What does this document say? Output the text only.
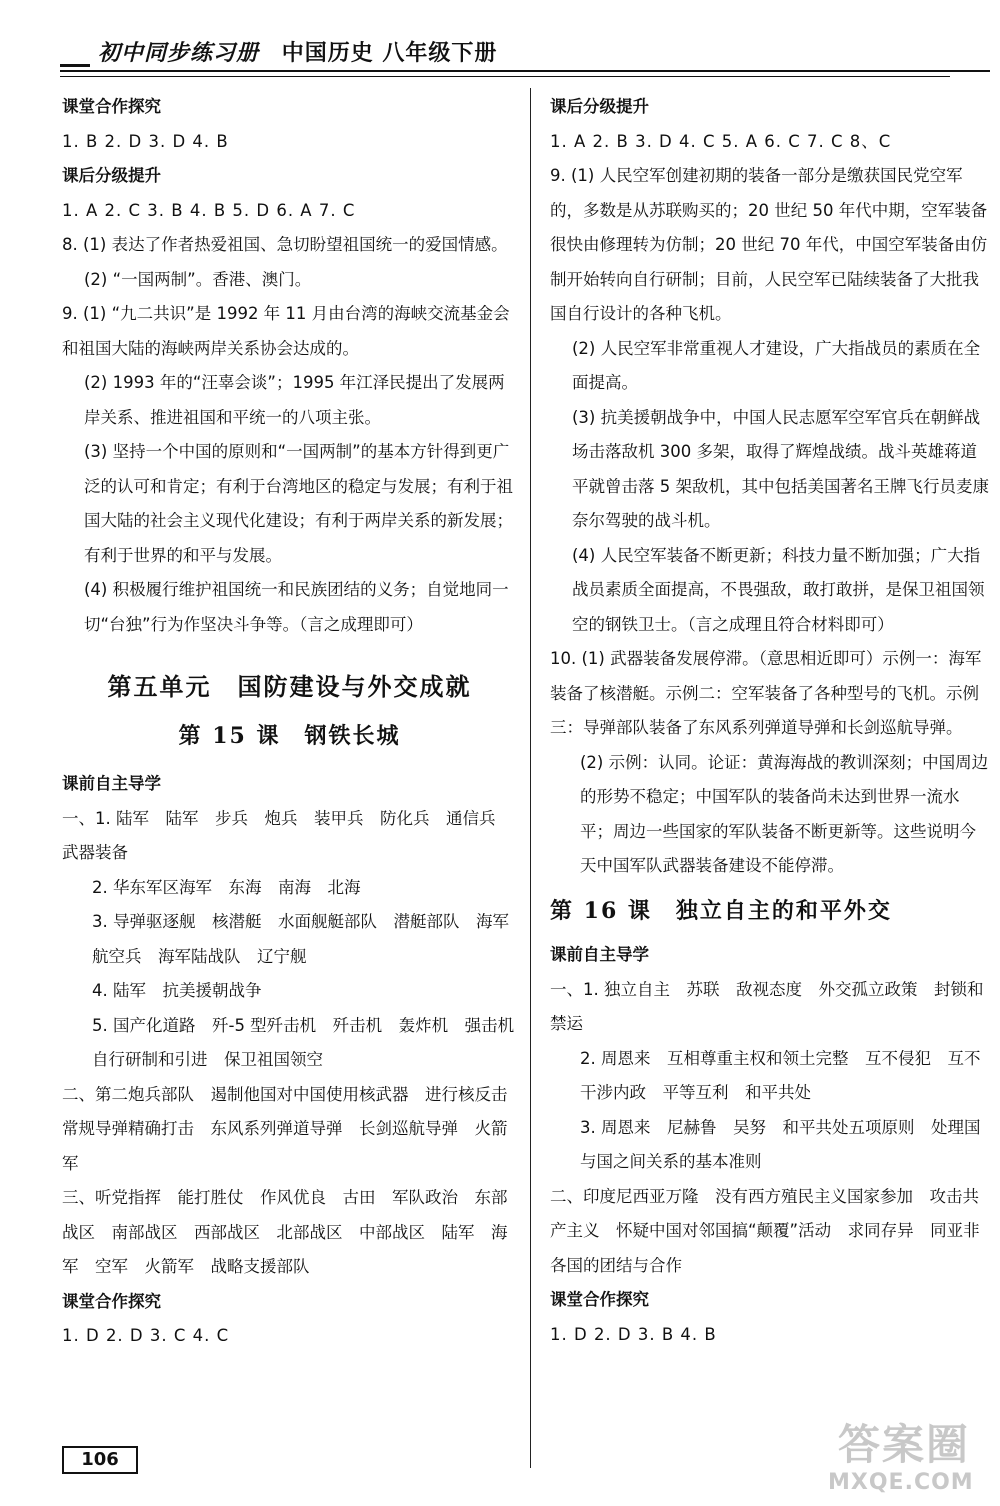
初中同步练习册 中国历史 八年级下册

课堂合作探究

1. B 2. D 3. D 4. B

课后分级提升

1. A 2. C 3. B 4. B 5. D 6. A 7. C

8. (1) 表达了作者热爱祖国、急切盼望祖国统一的爱国情感。

(2) “一国两制”。香港、澳门。

9. (1) “九二共识”是 1992 年 11 月由台湾的海峡交流基金会和祖国大陆的海峡两岸关系协会达成的。

(2) 1993 年的“汪辜会谈”；1995 年江泽民提出了发展两岸关系、推进祖国和平统一的八项主张。

(3) 坚持一个中国的原则和“一国两制”的基本方针得到更广泛的认可和肯定；有利于台湾地区的稳定与发展；有利于祖国大陆的社会主义现代化建设；有利于两岸关系的新发展；有利于世界的和平与发展。

(4) 积极履行维护祖国统一和民族团结的义务；自觉地同一切“台独”行为作坚决斗争等。（言之成理即可）

第五单元　国防建设与外交成就
第 15 课　钢铁长城

课前自主导学

一、1. 陆军　陆军　步兵　炮兵　装甲兵　防化兵　通信兵　武器装备

2. 华东军区海军　东海　南海　北海

3. 导弹驱逐舰　核潜艇　水面舰艇部队　潜艇部队　海军航空兵　海军陆战队　辽宁舰

4. 陆军　抗美援朝战争

5. 国产化道路　歼-5 型歼击机　歼击机　轰炸机　强击机　自行研制和引进　保卫祖国领空

二、第二炮兵部队　遏制他国对中国使用核武器　进行核反击　常规导弹精确打击　东风系列弹道导弹　长剑巡航导弹　火箭军

三、听党指挥　能打胜仗　作风优良　古田　军队政治　东部战区　南部战区　西部战区　北部战区　中部战区　陆军　海军　空军　火箭军　战略支援部队

课堂合作探究

1. D 2. D 3. C 4. C

课后分级提升

1. A 2. B 3. D 4. C 5. A 6. C 7. C 8、C

9. (1) 人民空军创建初期的装备一部分是缴获国民党空军的，多数是从苏联购买的；20 世纪 50 年代中期，空军装备很快由修理转为仿制；20 世纪 70 年代，中国空军装备由仿制开始转向自行研制；目前，人民空军已陆续装备了大批我国自行设计的各种飞机。

(2) 人民空军非常重视人才建设，广大指战员的素质在全面提高。

(3) 抗美援朝战争中，中国人民志愿军空军官兵在朝鲜战场击落敌机 300 多架，取得了辉煌战绩。战斗英雄蒋道平就曾击落 5 架敌机，其中包括美国著名王牌飞行员麦康奈尔驾驶的战斗机。

(4) 人民空军装备不断更新；科技力量不断加强；广大指战员素质全面提高，不畏强敌，敢打敢拼，是保卫祖国领空的钢铁卫士。（言之成理且符合材料即可）

10. (1) 武器装备发展停滞。（意思相近即可）示例一：海军装备了核潜艇。示例二：空军装备了各种型号的飞机。示例三：导弹部队装备了东风系列弹道导弹和长剑巡航导弹。

(2) 示例：认同。论证：黄海海战的教训深刻；中国周边的形势不稳定；中国军队的装备尚未达到世界一流水平；周边一些国家的军队装备不断更新等。这些说明今天中国军队武器装备建设不能停滞。

第 16 课　独立自主的和平外交

课前自主导学

一、1. 独立自主　苏联　敌视态度　外交孤立政策　封锁和禁运

2. 周恩来　互相尊重主权和领土完整　互不侵犯　互不干涉内政　平等互利　和平共处

3. 周恩来　尼赫鲁　吴努　和平共处五项原则　处理国与国之间关系的基本准则

二、印度尼西亚万隆　没有西方殖民主义国家参加　攻击共产主义　怀疑中国对邻国搞“颠覆”活动　求同存异　同亚非各国的团结与合作

课堂合作探究

1. D 2. D 3. B 4. B

106	答案圈
MXQE.COM
